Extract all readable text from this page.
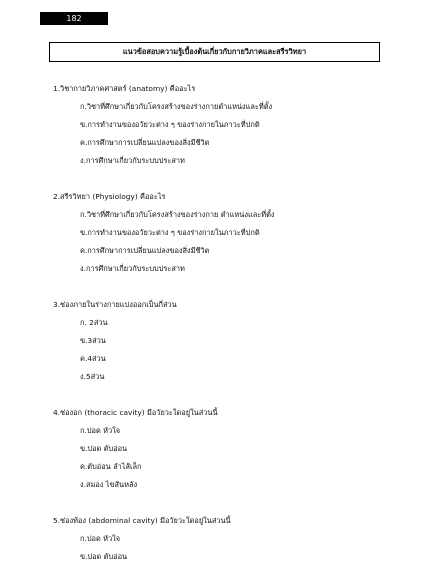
182
แนวข้อสอบความรู้เบื้องต้นเกี่ยวกับกายวิภาคและสรีรวิทยา
1.วิชากายวิภาคศาสตร์ (anatomy) คืออะไร
ก.วิชาที่ศึกษาเกี่ยวกับโครงสร้างของร่างกายตำแหน่งและที่ตั้ง
ข.การทำงานของอวัยวะต่าง ๆ ของร่างกายในภาวะที่ปกติ
ค.การศึกษาการเปลี่ยนแปลงของสิ่งมีชีวิต
ง.การศึกษาเกี่ยวกับระบบประสาท
2.สรีรวิทยา (Physiology) คืออะไร
ก.วิชาที่ศึกษาเกี่ยวกับโครงสร้างของร่างกาย ตำแหน่งและที่ตั้ง
ข.การทำงานของอวัยวะต่าง ๆ ของร่างกายในภาวะที่ปกติ
ค.การศึกษาการเปลี่ยนแปลงของสิ่งมีชีวิต
ง.การศึกษาเกี่ยวกับระบบประสาท
3.ช่องภายในร่างกายแบ่งออกเป็นกี่ส่วน
ก. 2ส่วน
ข.3ส่วน
ค.4ส่วน
ง.5ส่วน
4.ช่องอก (thoracic cavity) มีอวัยวะใดอยู่ในส่วนนี้
ก.ปอด หัวใจ
ข.ปอด ตับอ่อน
ค.ตับอ่อน ลำไส้เล็ก
ง.สมอง ไขสันหลัง
5.ช่องท้อง (abdominal cavity) มีอวัยวะใดอยู่ในส่วนนี้
ก.ปอด หัวใจ
ข.ปอด ตับอ่อน
